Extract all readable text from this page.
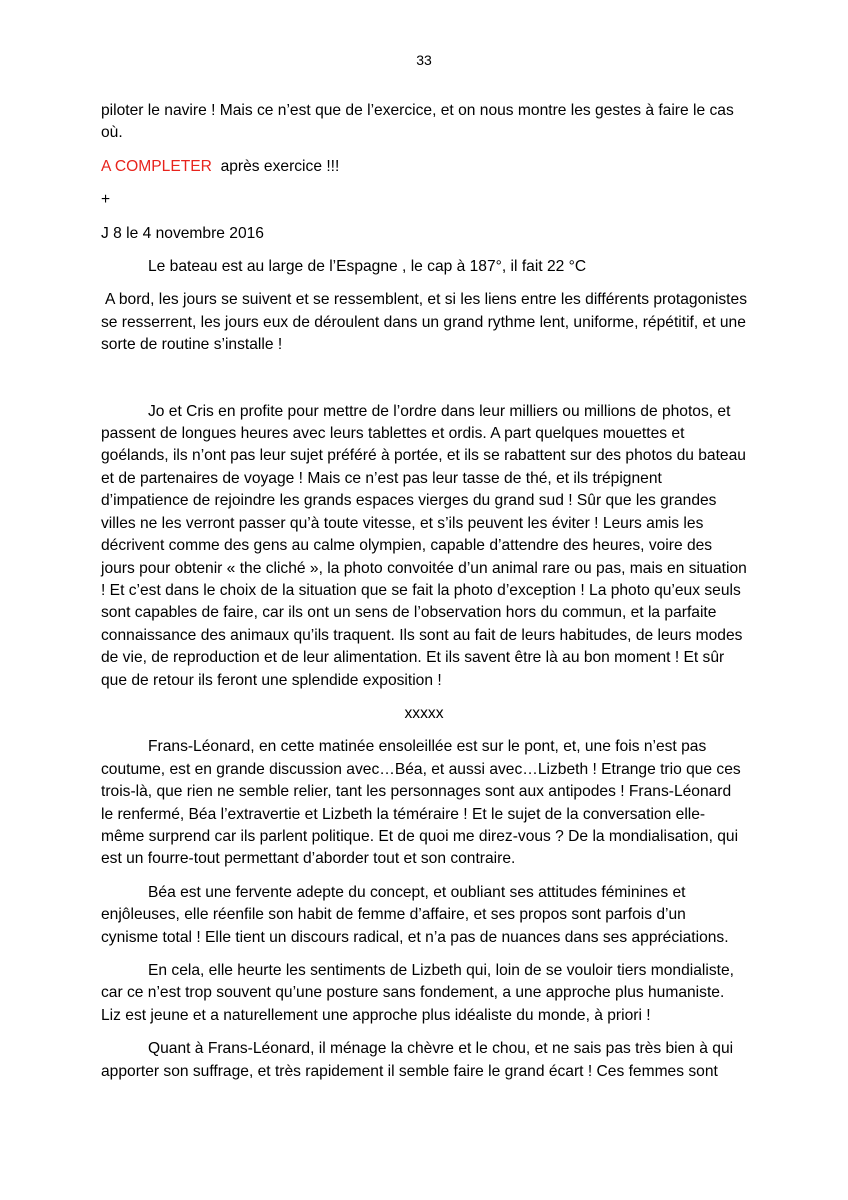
33

piloter le navire ! Mais ce n’est que de l’exercice, et on nous montre les gestes à faire le cas où.

A COMPLETER  après exercice !!!

+

J 8 le 4 novembre 2016

Le bateau est au large de l’Espagne , le cap à 187°, il fait 22 °C

A bord, les jours se suivent et se ressemblent, et si les liens entre les différents protagonistes se resserrent, les jours eux de déroulent dans un grand rythme lent, uniforme, répétitif, et une sorte de routine s’installe !

Jo et Cris en profite pour mettre de l’ordre dans leur milliers ou millions de photos, et passent de longues heures avec leurs tablettes et ordis. A part quelques mouettes et goélands, ils n’ont pas leur sujet préféré à portée, et ils se rabattent sur des photos du bateau et de partenaires de voyage ! Mais ce n’est pas leur tasse de thé, et ils trépignent d’impatience de rejoindre les grands espaces vierges du grand sud ! Sûr que les grandes villes ne les verront passer qu’à toute vitesse, et s’ils peuvent les éviter ! Leurs amis les décrivent comme des gens au calme olympien, capable d’attendre des heures, voire des jours pour obtenir « the cliché », la photo convoitée d’un animal rare ou pas, mais en situation ! Et c’est dans le choix de la situation que se fait la photo d’exception ! La photo qu’eux seuls sont capables de faire, car ils ont un sens de l’observation hors du commun, et la parfaite connaissance des animaux qu’ils traquent. Ils sont au fait de leurs habitudes, de leurs modes de vie, de reproduction et de leur alimentation. Et ils savent être là au bon moment ! Et sûr que de retour ils feront une splendide exposition !

xxxxx

Frans-Léonard, en cette matinée ensoleillée est sur le pont, et, une fois n’est pas coutume, est en grande discussion avec…Béa, et aussi avec…Lizbeth ! Etrange trio que ces trois-là, que rien ne semble relier, tant les personnages sont aux antipodes ! Frans-Léonard le renfermé, Béa l’extravertie et Lizbeth la téméraire ! Et le sujet de la conversation elle-même surprend car ils parlent politique. Et de quoi me direz-vous ? De la mondialisation, qui est un fourre-tout permettant d’aborder tout et son contraire.

Béa est une fervente adepte du concept, et oubliant ses attitudes féminines et enjôleuses, elle réenfile son habit de femme d’affaire, et ses propos sont parfois d’un cynisme total ! Elle tient un discours radical, et n’a pas de nuances dans ses appréciations.

En cela, elle heurte les sentiments de Lizbeth qui, loin de se vouloir tiers mondialiste, car ce n’est trop souvent qu’une posture sans fondement, a une approche plus humaniste. Liz est jeune et a naturellement une approche plus idéaliste du monde, à priori !

Quant à Frans-Léonard, il ménage la chèvre et le chou, et ne sais pas très bien à qui apporter son suffrage, et très rapidement il semble faire le grand écart ! Ces femmes sont
